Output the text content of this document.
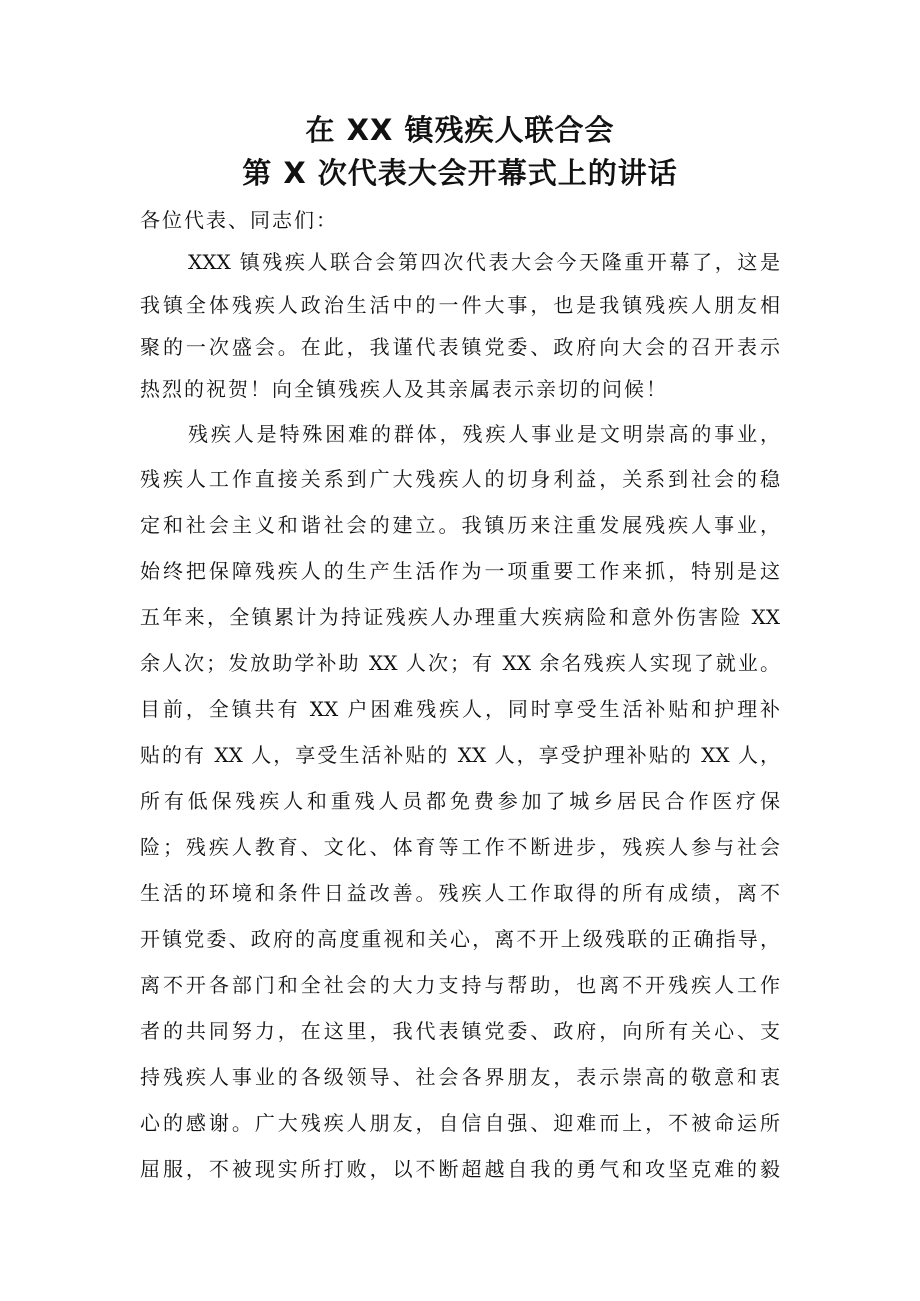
在 XX 镇残疾人联合会
第 X 次代表大会开幕式上的讲话
各位代表、同志们：
XXX 镇残疾人联合会第四次代表大会今天隆重开幕了，这是
我镇全体残疾人政治生活中的一件大事，也是我镇残疾人朋友相
聚的一次盛会。在此，我谨代表镇党委、政府向大会的召开表示
热烈的祝贺！向全镇残疾人及其亲属表示亲切的问候！
残疾人是特殊困难的群体，残疾人事业是文明崇高的事业，
残疾人工作直接关系到广大残疾人的切身利益，关系到社会的稳
定和社会主义和谐社会的建立。我镇历来注重发展残疾人事业，
始终把保障残疾人的生产生活作为一项重要工作来抓，特别是这
五年来，全镇累计为持证残疾人办理重大疾病险和意外伤害险 XX
余人次；发放助学补助 XX 人次；有 XX 余名残疾人实现了就业。
目前，全镇共有 XX 户困难残疾人，同时享受生活补贴和护理补
贴的有 XX 人，享受生活补贴的 XX 人，享受护理补贴的 XX 人，
所有低保残疾人和重残人员都免费参加了城乡居民合作医疗保
险；残疾人教育、文化、体育等工作不断进步，残疾人参与社会
生活的环境和条件日益改善。残疾人工作取得的所有成绩，离不
开镇党委、政府的高度重视和关心，离不开上级残联的正确指导，
离不开各部门和全社会的大力支持与帮助，也离不开残疾人工作
者的共同努力，在这里，我代表镇党委、政府，向所有关心、支
持残疾人事业的各级领导、社会各界朋友，表示崇高的敬意和衷
心的感谢。广大残疾人朋友，自信自强、迎难而上，不被命运所
屈服，不被现实所打败，以不断超越自我的勇气和攻坚克难的毅
